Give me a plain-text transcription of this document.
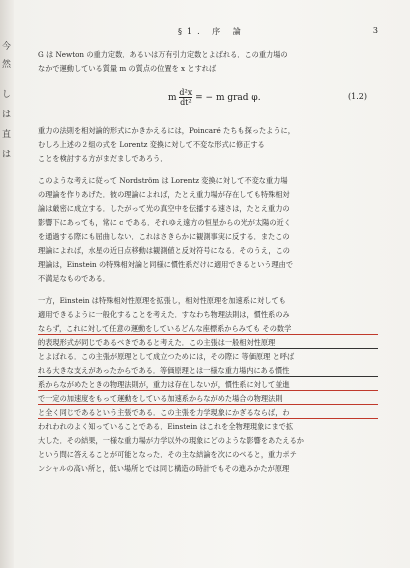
今
然
し
は
直
は
§1. 序 論	3
G は Newton の重力定数．あるいは万有引力定数とよばれる．この重力場の
なかで運動している質量 m の質点の位置を x とすれば
m $\frac{\text{d²x}}{\text{dt²}}$ = − m grad φ.	(1.2)
重力の法則を相対論的形式にかきかえるには，Poincaré たちも探ったように，
むしろ上述の２組の式を Lorentz 変換に対して不変な形式に修正する
ことを検討する方がまだましであろう．
このような考えに従って Nordström は Lorentz 変換に対して不変な重力場
の理論を作りあげた．彼の理論によれば，たとえ重力場が存在しても特殊相対
論は厳密に成立する．したがって光の真空中を伝播する速さは，たとえ重力の
影響下にあっても，常に c である．それゆえ遠方の恒星からの光が太陽の近く
を通過する際にも屈曲しない．これはさきらかに観測事実に反する．またこの
理論によれば，水星の近日点移動は観測値と反対符号になる．そのうえ，この
理論は，Einstein の特殊相対論と同様に慣性系だけに適用できるという理由で
不満足なものである．
一方，Einstein は特殊相対性原理を拡張し，相対性原理を加速系に対しても
適用できるように一般化することを考えた．すなわち物理法則は，慣性系のみ
ならず，これに対して任意の運動をしているどんな座標系からみても その数学
的表現形式が同じであるべきであると考えた．この主張は一般相対性原理
とよばれる．この主張が原理として成立つためには，その際に 等価原理 と呼ば
れる大きな支えがあったからである．等価原理とは一様な重力場内にある慣性
系からながめたときの物理法則が，重力は存在しないが，慣性系に対して並進
で一定の加速度をもって運動をしている加速系からながめた場合の物理法則
と全く同じであるという主張である．この主張を力学現象にかぎるならば，わ
われわれのよく知っていることである．Einstein はこれを全物理現象にまで拡
大した．その結果，一様な重力場が力学以外の現象にどのような影響をあたえるか
という問に答えることが可能となった．その主な結論を次にのべると，重力ポテ
ンシャルの高い所と，低い場所とでは同じ構造の時計でもその進みかたが原理
